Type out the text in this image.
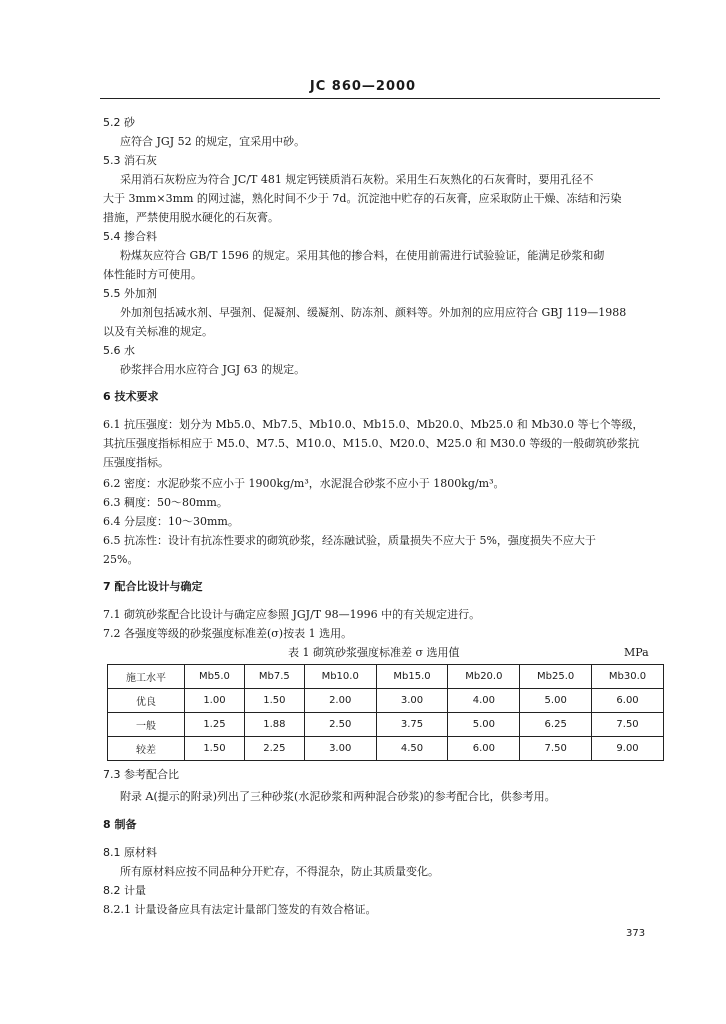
JC 860—2000
5.2 砂
应符合 JGJ 52 的规定，宜采用中砂。
5.3 消石灰
采用消石灰粉应为符合 JC/T 481 规定钙镁质消石灰粉。采用生石灰熟化的石灰膏时，要用孔径不
大于 3mm×3mm 的网过滤，熟化时间不少于 7d。沉淀池中贮存的石灰膏，应采取防止干燥、冻结和污染
措施，严禁使用脱水硬化的石灰膏。
5.4 掺合料
粉煤灰应符合 GB/T 1596 的规定。采用其他的掺合料，在使用前需进行试验验证，能满足砂浆和砌
体性能时方可使用。
5.5 外加剂
外加剂包括减水剂、早强剂、促凝剂、缓凝剂、防冻剂、颜料等。外加剂的应用应符合 GBJ 119—1988
以及有关标准的规定。
5.6 水
砂浆拌合用水应符合 JGJ 63 的规定。
6 技术要求
6.1 抗压强度：划分为 Mb5.0、Mb7.5、Mb10.0、Mb15.0、Mb20.0、Mb25.0 和 Mb30.0 等七个等级，
其抗压强度指标相应于 M5.0、M7.5、M10.0、M15.0、M20.0、M25.0 和 M30.0 等级的一般砌筑砂浆抗
压强度指标。
6.2 密度：水泥砂浆不应小于 1900kg/m³，水泥混合砂浆不应小于 1800kg/m³。
6.3 稠度：50～80mm。
6.4 分层度：10～30mm。
6.5 抗冻性：设计有抗冻性要求的砌筑砂浆，经冻融试验，质量损失不应大于 5%，强度损失不应大于
25%。
7 配合比设计与确定
7.1 砌筑砂浆配合比设计与确定应参照 JGJ/T 98—1996 中的有关规定进行。
7.2 各强度等级的砂浆强度标准差(σ)按表 1 选用。
表 1 砌筑砂浆强度标准差 σ 选用值	MPa
7.3 参考配合比
附录 A(提示的附录)列出了三种砂浆(水泥砂浆和两种混合砂浆)的参考配合比，供参考用。
8 制备
8.1 原材料
所有原材料应按不同品种分开贮存，不得混杂，防止其质量变化。
8.2 计量
8.2.1 计量设备应具有法定计量部门签发的有效合格证。
施工水平	Mb5.0	Mb7.5	Mb10.0	Mb15.0	Mb20.0	Mb25.0	Mb30.0
优良	1.00	1.50	2.00	3.00	4.00	5.00	6.00
一般	1.25	1.88	2.50	3.75	5.00	6.25	7.50
较差	1.50	2.25	3.00	4.50	6.00	7.50	9.00
373
